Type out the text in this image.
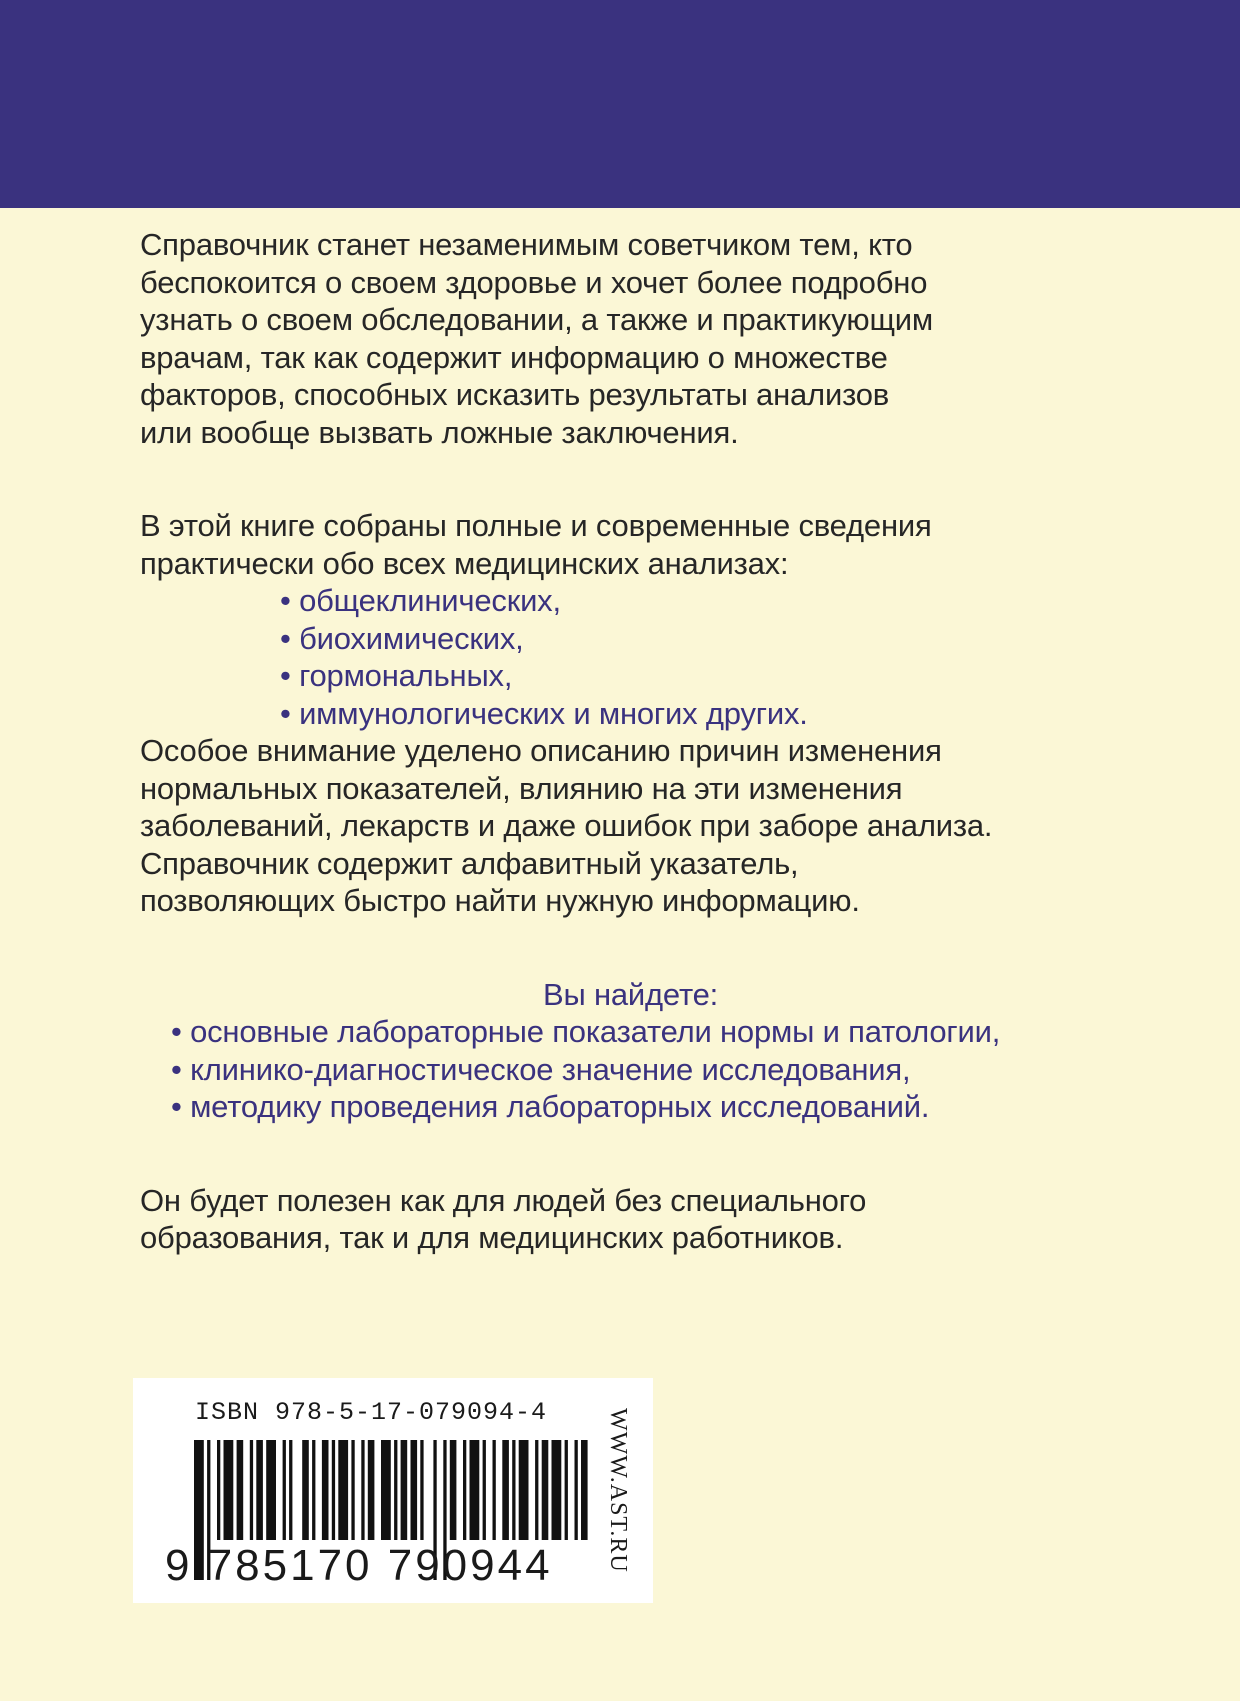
Справочник станет незаменимым советчиком тем, кто
беспокоится о своем здоровье и хочет более подробно
узнать о своем обследовании, а также и практикующим
врачам, так как содержит информацию о множестве
факторов, способных исказить результаты анализов
или вообще вызвать ложные заключения.
В этой книге собраны полные и современные сведения
практически обо всех медицинских анализах:
• общеклинических,
• биохимических,
• гормональных,
• иммунологических и многих других.
Особое внимание уделено описанию причин изменения
нормальных показателей, влиянию на эти изменения
заболеваний, лекарств и даже ошибок при заборе анализа.
Справочник содержит алфавитный указатель,
позволяющих быстро найти нужную информацию.
Вы найдете:
• основные лабораторные показатели нормы и патологии,
• клинико-диагностическое значение исследования,
• методику проведения лабораторных исследований.
Он будет полезен как для людей без специального
образования, так и для медицинских работников.
ISBN 978-5-17-079094-4
9 785170 790944 WWW.AST.RU
